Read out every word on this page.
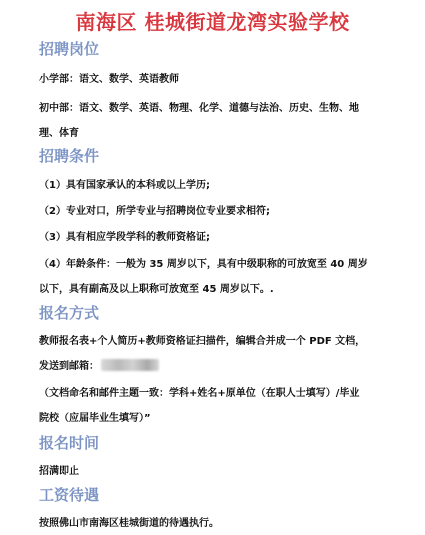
南海区 桂城街道龙湾实验学校
招聘岗位
小学部：语文、数学、英语教师
初中部：语文、数学、英语、物理、化学、道德与法治、历史、生物、地
理、体育
招聘条件
（1）具有国家承认的本科或以上学历;
（2）专业对口，所学专业与招聘岗位专业要求相符;
（3）具有相应学段学科的教师资格证;
（4）年龄条件：一般为 35 周岁以下，具有中级职称的可放宽至 40 周岁
以下，具有副高及以上职称可放宽至 45 周岁以下。.
报名方式
教师报名表+个人简历+教师资格证扫描件，编辑合并成一个 PDF 文档，
发送到邮箱：
（文档命名和邮件主题一致：学科+姓名+原单位（在职人士填写）/毕业
院校（应届毕业生填写）”
报名时间
招满即止
工资待遇
按照佛山市南海区桂城街道的待遇执行。
